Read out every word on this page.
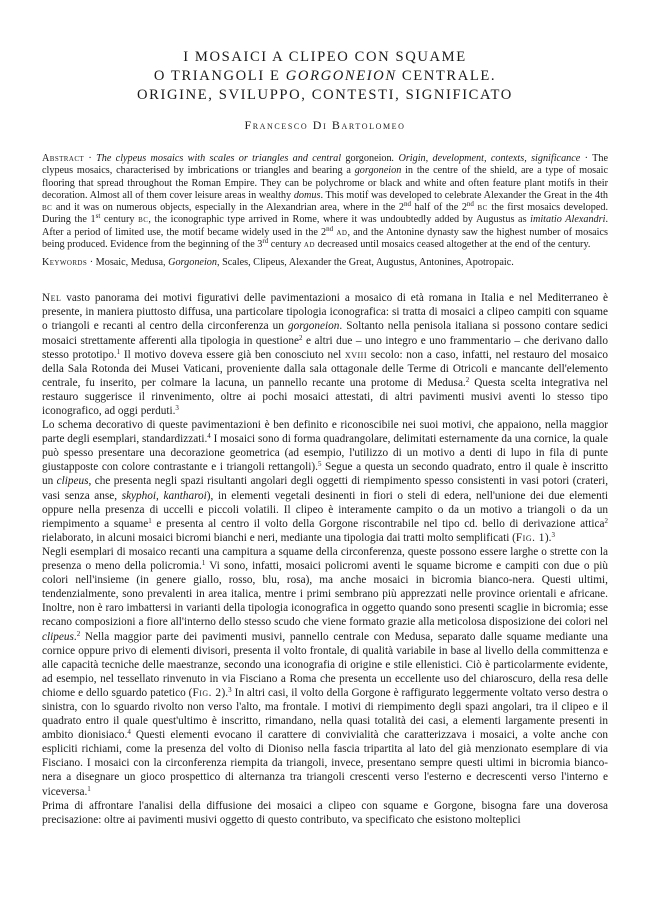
I MOSAICI A CLIPEO CON SQUAME
O TRIANGOLI E GORGONEION CENTRALE.
ORIGINE, SVILUPPO, CONTESTI, SIGNIFICATO
Francesco Di Bartolomeo

Abstract · The clypeus mosaics with scales or triangles and central gorgoneion. Origin, development, contexts, significance · The clypeus mosaics, characterised by imbrications or triangles and bearing a gorgoneion in the centre of the shield, are a type of mosaic flooring that spread throughout the Roman Empire. They can be polychrome or black and white and often feature plant motifs in their decoration. Almost all of them cover leisure areas in wealthy domus. This motif was developed to celebrate Alexander the Great in the 4th bc and it was on numerous objects, especially in the Alexandrian area, where in the 2nd half of the 2nd bc the first mosaics developed. During the 1st century bc, the iconographic type arrived in Rome, where it was undoubtedly added by Augustus as imitatio Alexandri. After a period of limited use, the motif became widely used in the 2nd ad, and the Antonine dynasty saw the highest number of mosaics being produced. Evidence from the beginning of the 3rd century ad decreased until mosaics ceased altogether at the end of the century.

Keywords · Mosaic, Medusa, Gorgoneion, Scales, Clipeus, Alexander the Great, Augustus, Antonines, Apotropaic.

Nel vasto panorama dei motivi figurativi delle pavimentazioni a mosaico di età romana in Italia e nel Mediterraneo è presente, in maniera piuttosto diffusa, una particolare tipologia iconografica: si tratta di mosaici a clipeo campiti con squame o triangoli e recanti al centro della circonferenza un gorgoneion. Soltanto nella penisola italiana si possono contare sedici mosaici strettamente afferenti alla tipologia in questione$^2$ e altri due – uno integro e uno frammentario – che derivano dallo stesso prototipo.$^1$ Il motivo doveva essere già ben conosciuto nel xviii secolo: non a caso, infatti, nel restauro del mosaico della Sala Rotonda dei Musei Vaticani, proveniente dalla sala ottagonale delle Terme di Otricoli e mancante dell'elemento centrale, fu inserito, per colmare la lacuna, un pannello recante una protome di Medusa.$^2$ Questa scelta integrativa nel restauro suggerisce il rinvenimento, oltre ai pochi mosaici attestati, di altri pavimenti musivi aventi lo stesso tipo iconografico, ad oggi perduti.$^3$

Lo schema decorativo di queste pavimentazioni è ben definito e riconoscibile nei suoi motivi, che appaiono, nella maggior parte degli esemplari, standardizzati.$^4$ I mosaici sono di forma quadrangolare, delimitati esternamente da una cornice, la quale può spesso presentare una decorazione geometrica (ad esempio, l'utilizzo di un motivo a denti di lupo in fila di punte giustapposte con colore contrastante e i triangoli rettangoli).$^5$ Segue a questa un secondo quadrato, entro il quale è inscritto un clipeus, che presenta negli spazi risultanti angolari degli oggetti di riempimento spesso consistenti in vasi potori (crateri, vasi senza anse, skyphoi, kantharoi), in elementi vegetali desinenti in fiori o steli di edera, nell'unione dei due elementi oppure nella presenza di uccelli e piccoli volatili. Il clipeo è interamente campito o da un motivo a triangoli o da un riempimento a squame$^1$ e presenta al centro il volto della Gorgone riscontrabile nel tipo cd. bello di derivazione attica$^2$ rielaborato, in alcuni mosaici bicromi bianchi e neri, mediante una tipologia dai tratti molto semplificati (Fig. 1).$^3$

Negli esemplari di mosaico recanti una campitura a squame della circonferenza, queste possono essere larghe o strette con la presenza o meno della policromia.$^1$ Vi sono, infatti, mosaici policromi aventi le squame bicrome e campiti con due o più colori nell'insieme (in genere giallo, rosso, blu, rosa), ma anche mosaici in bicromia bianco-nera. Questi ultimi, tendenzialmente, sono prevalenti in area italica, mentre i primi sembrano più apprezzati nelle province orientali e africane. Inoltre, non è raro imbattersi in varianti della tipologia iconografica in oggetto quando sono presenti scaglie in bicromia; esse recano composizioni a fiore all'interno dello stesso scudo che viene formato grazie alla meticolosa disposizione dei colori nel clipeus.$^2$ Nella maggior parte dei pavimenti musivi, pannello centrale con Medusa, separato dalle squame mediante una cornice oppure privo di elementi divisori, presenta il volto frontale, di qualità variabile in base al livello della committenza e alle capacità tecniche delle maestranze, secondo una iconografia di origine e stile ellenistici. Ciò è particolarmente evidente, ad esempio, nel tessellato rinvenuto in via Fisciano a Roma che presenta un eccellente uso del chiaroscuro, della resa delle chiome e dello sguardo patetico (Fig. 2).$^3$ In altri casi, il volto della Gorgone è raffigurato leggermente voltato verso destra o sinistra, con lo sguardo rivolto non verso l'alto, ma frontale. I motivi di riempimento degli spazi angolari, tra il clipeo e il quadrato entro il quale quest'ultimo è inscritto, rimandano, nella quasi totalità dei casi, a elementi largamente presenti in ambito dionisiaco.$^4$ Questi elementi evocano il carattere di convivialità che caratterizzava i mosaici, a volte anche con espliciti richiami, come la presenza del volto di Dioniso nella fascia tripartita al lato del già menzionato esemplare di via Fisciano. I mosaici con la circonferenza riempita da triangoli, invece, presentano sempre questi ultimi in bicromia bianco-nera a disegnare un gioco prospettico di alternanza tra triangoli crescenti verso l'esterno e decrescenti verso l'interno e viceversa.$^1$

Prima di affrontare l'analisi della diffusione dei mosaici a clipeo con squame e Gorgone, bisogna fare una doverosa precisazione: oltre ai pavimenti musivi oggetto di questo contributo, va specificato che esistono molteplici
